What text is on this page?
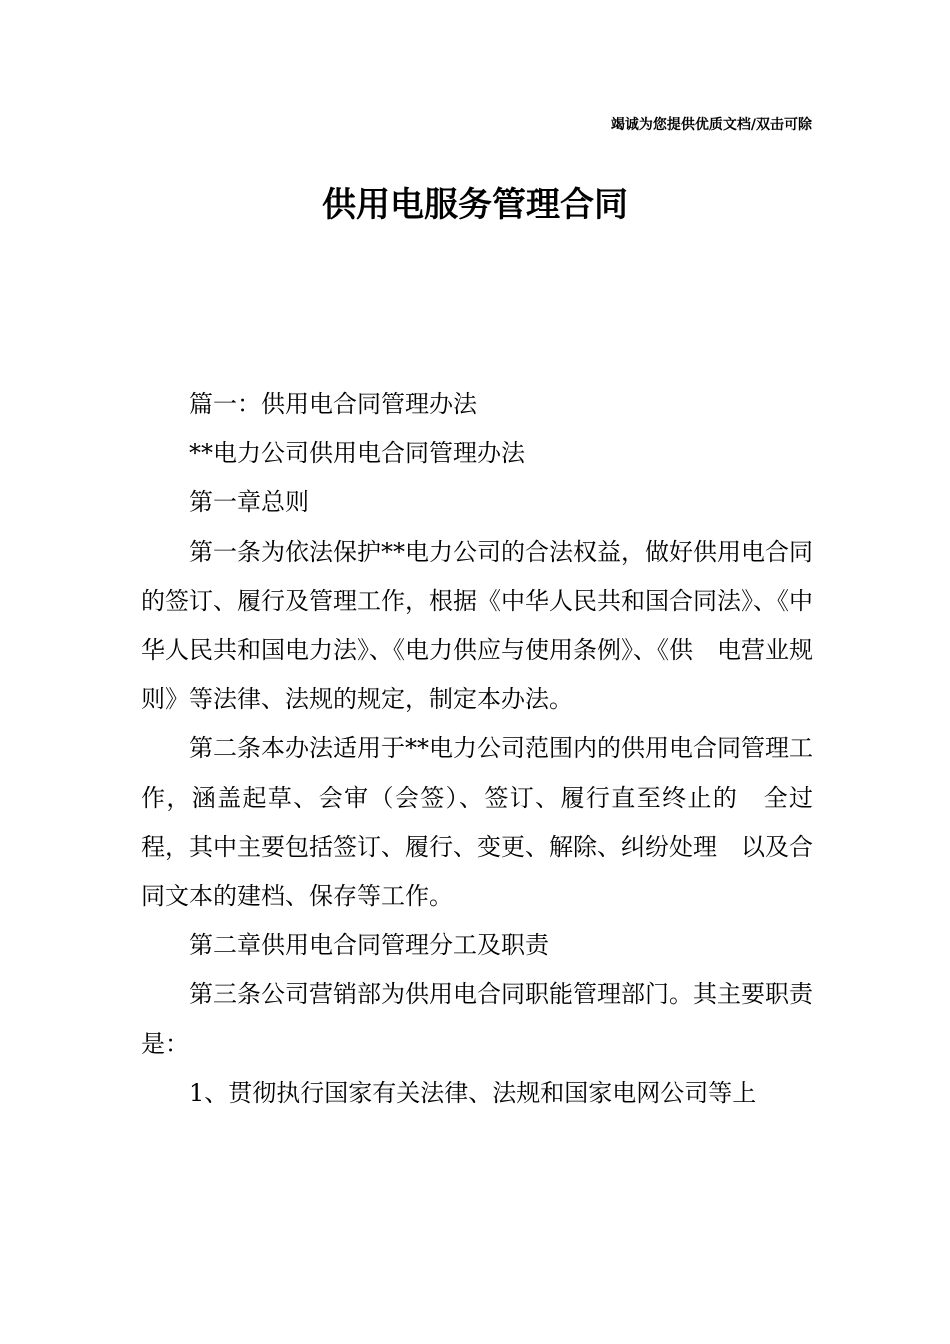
竭诚为您提供优质文档/双击可除
供用电服务管理合同

篇一：供用电合同管理办法

**电力公司供用电合同管理办法

第一章总则

第一条为依法保护**电力公司的合法权益，做好供用电合同的签订、履行及管理工作，根据《中华人民共和国合同法》、《中华人民共和国电力法》、《电力供应与使用条例》、《供　电营业规则》等法律、法规的规定，制定本办法。

第二条本办法适用于**电力公司范围内的供用电合同管理工作，涵盖起草、会审（会签）、签订、履行直至终止的　全过程，其中主要包括签订、履行、变更、解除、纠纷处理　以及合同文本的建档、保存等工作。

第二章供用电合同管理分工及职责

第三条公司营销部为供用电合同职能管理部门。其主要职责是：

1、贯彻执行国家有关法律、法规和国家电网公司等上
